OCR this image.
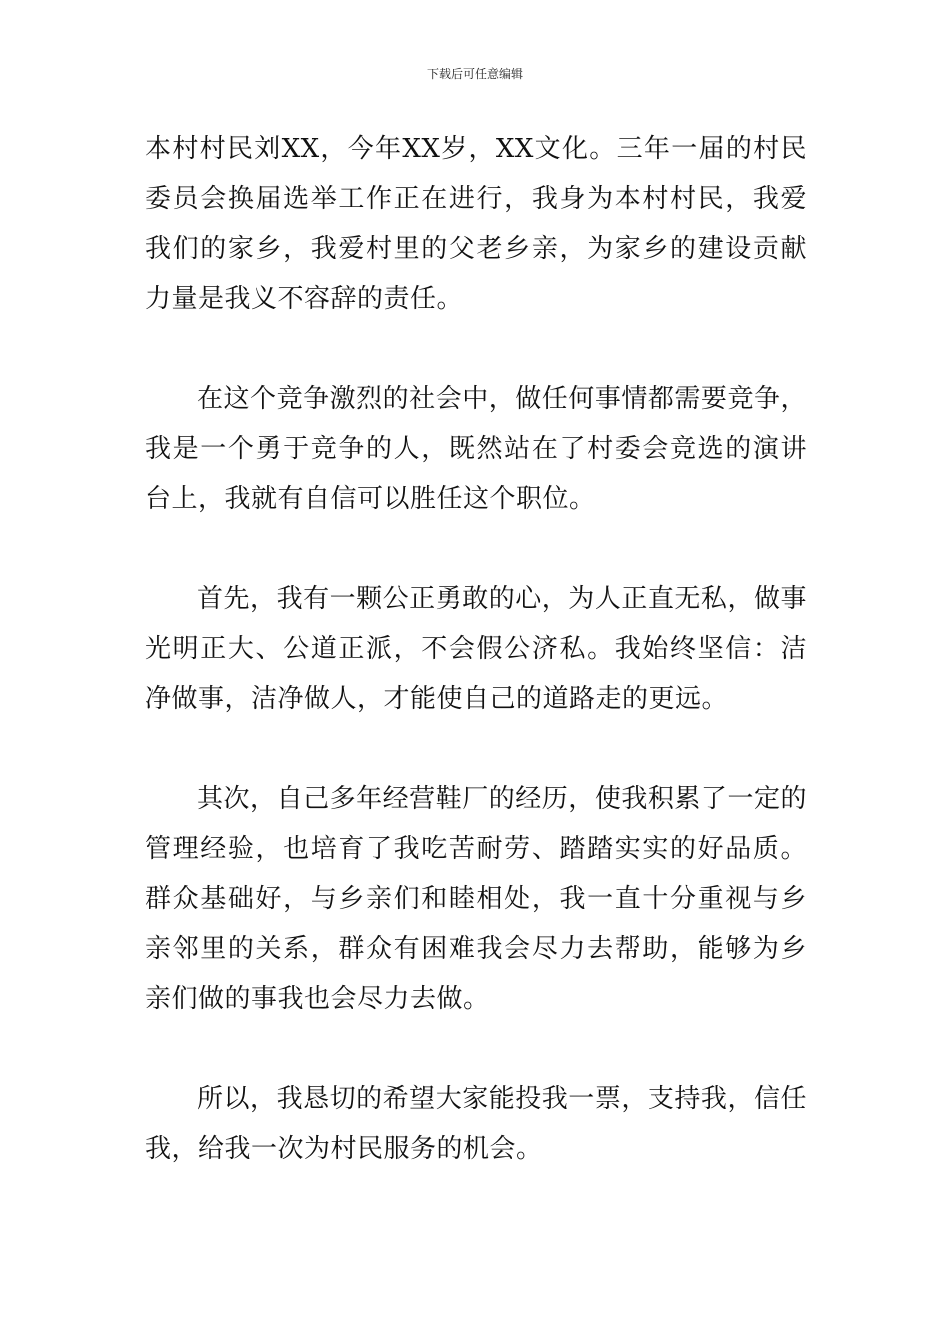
下载后可任意编辑

本村村民刘XX，今年XX岁，XX文化。三年一届的村民委员会换届选举工作正在进行，我身为本村村民，我爱我们的家乡，我爱村里的父老乡亲，为家乡的建设贡献力量是我义不容辞的责任。

在这个竞争激烈的社会中，做任何事情都需要竞争，我是一个勇于竞争的人，既然站在了村委会竞选的演讲台上，我就有自信可以胜任这个职位。

首先，我有一颗公正勇敢的心，为人正直无私，做事光明正大、公道正派，不会假公济私。我始终坚信：洁净做事，洁净做人，才能使自己的道路走的更远。

其次，自己多年经营鞋厂的经历，使我积累了一定的管理经验，也培育了我吃苦耐劳、踏踏实实的好品质。群众基础好，与乡亲们和睦相处，我一直十分重视与乡亲邻里的关系，群众有困难我会尽力去帮助，能够为乡亲们做的事我也会尽力去做。

所以，我恳切的希望大家能投我一票，支持我，信任我，给我一次为村民服务的机会。
